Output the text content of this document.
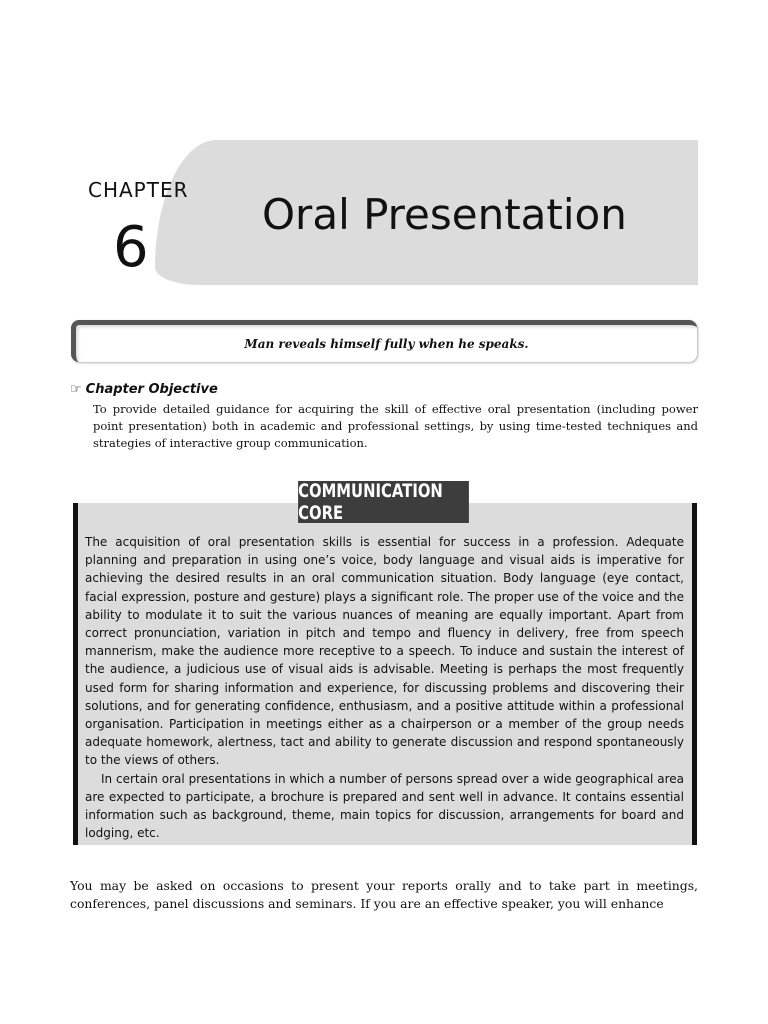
CHAPTER
6
Oral Presentation
Man reveals himself fully when he speaks.
☞ Chapter Objective
To provide detailed guidance for acquiring the skill of effective oral presentation (including power point presentation) both in academic and professional settings, by using time-tested techniques and strategies of interactive group communication.
COMMUNICATION CORE

The acquisition of oral presentation skills is essential for success in a profession. Adequate planning and preparation in using one’s voice, body language and visual aids is imperative for achieving the desired results in an oral communication situation. Body language (eye contact, facial expression, posture and gesture) plays a significant role. The proper use of the voice and the ability to modulate it to suit the various nuances of meaning are equally important. Apart from correct pronunciation, variation in pitch and tempo and fluency in delivery, free from speech mannerism, make the audience more receptive to a speech. To induce and sustain the interest of the audience, a judicious use of visual aids is advisable. Meeting is perhaps the most frequently used form for sharing information and experience, for discussing problems and discovering their solutions, and for generating confidence, enthusiasm, and a positive attitude within a professional organisation. Participation in meetings either as a chairperson or a member of the group needs adequate homework, alertness, tact and ability to generate discussion and respond spontaneously to the views of others.

In certain oral presentations in which a number of persons spread over a wide geographical area are expected to participate, a brochure is prepared and sent well in advance. It contains essential information such as background, theme, main topics for discussion, arrangements for board and lodging, etc.

You may be asked on occasions to present your reports orally and to take part in meetings, conferences, panel discussions and seminars. If you are an effective speaker, you will enhance
